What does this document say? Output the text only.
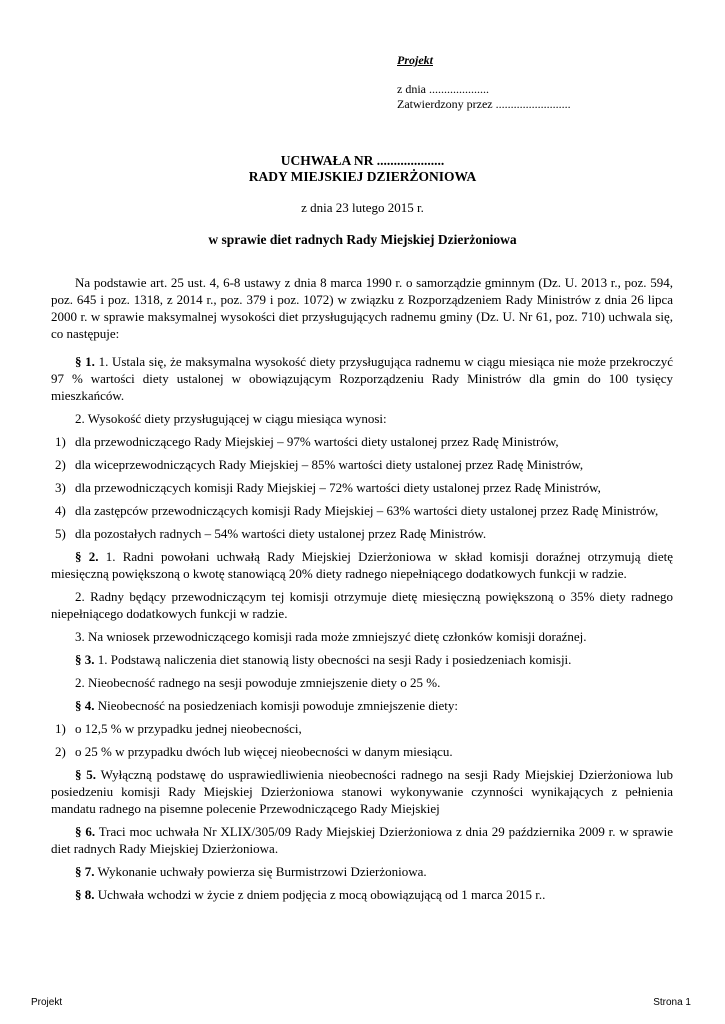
Projekt
z dnia ....................
Zatwierdzony przez .........................
UCHWAŁA NR ....................
RADY MIEJSKIEJ DZIERŻONIOWA
z dnia 23 lutego 2015 r.
w sprawie diet radnych Rady Miejskiej Dzierżoniowa

Na podstawie art. 25 ust. 4, 6-8 ustawy z dnia 8 marca 1990 r. o samorządzie gminnym (Dz. U. 2013 r., poz. 594, poz. 645 i poz. 1318, z 2014 r., poz. 379 i poz. 1072) w związku z Rozporządzeniem Rady Ministrów z dnia 26 lipca 2000 r. w sprawie maksymalnej wysokości diet przysługujących radnemu gminy (Dz. U. Nr 61, poz. 710) uchwala się, co następuje:

§ 1. 1. Ustala się, że maksymalna wysokość diety przysługująca radnemu w ciągu miesiąca nie może przekroczyć 97 % wartości diety ustalonej w obowiązującym Rozporządzeniu Rady Ministrów dla gmin do 100 tysięcy mieszkańców.

2. Wysokość diety przysługującej w ciągu miesiąca wynosi:

1) dla przewodniczącego Rady Miejskiej – 97% wartości diety ustalonej przez Radę Ministrów,
2) dla wiceprzewodniczących Rady Miejskiej – 85% wartości diety ustalonej przez Radę Ministrów,
3) dla przewodniczących komisji Rady Miejskiej – 72% wartości diety ustalonej przez Radę Ministrów,
4) dla zastępców przewodniczących komisji Rady Miejskiej – 63% wartości diety ustalonej przez Radę Ministrów,
5) dla pozostałych radnych – 54% wartości diety ustalonej przez Radę Ministrów.

§ 2. 1. Radni powołani uchwałą Rady Miejskiej Dzierżoniowa w skład komisji doraźnej otrzymują dietę miesięczną powiększoną o kwotę stanowiącą 20% diety radnego niepełniącego dodatkowych funkcji w radzie.

2. Radny będący przewodniczącym tej komisji otrzymuje dietę miesięczną powiększoną o 35% diety radnego niepełniącego dodatkowych funkcji w radzie.

3. Na wniosek przewodniczącego komisji rada może zmniejszyć dietę członków komisji doraźnej.

§ 3. 1. Podstawą naliczenia diet stanowią listy obecności na sesji Rady i posiedzeniach komisji.

2. Nieobecność radnego na sesji powoduje zmniejszenie diety o 25 %.

§ 4. Nieobecność na posiedzeniach komisji powoduje zmniejszenie diety:

1) o 12,5 % w przypadku jednej nieobecności,
2) o 25 % w przypadku dwóch lub więcej nieobecności w danym miesiącu.

§ 5. Wyłączną podstawę do usprawiedliwienia nieobecności radnego na sesji Rady Miejskiej Dzierżoniowa lub posiedzeniu komisji Rady Miejskiej Dzierżoniowa stanowi wykonywanie czynności wynikających z pełnienia mandatu radnego na pisemne polecenie Przewodniczącego Rady Miejskiej

§ 6. Traci moc uchwała Nr XLIX/305/09 Rady Miejskiej Dzierżoniowa z dnia 29 października 2009 r. w sprawie diet radnych Rady Miejskiej Dzierżoniowa.

§ 7. Wykonanie uchwały powierza się Burmistrzowi Dzierżoniowa.

§ 8. Uchwała wchodzi w życie z dniem podjęcia z mocą obowiązującą od 1 marca 2015 r..

Projekt	Strona 1
